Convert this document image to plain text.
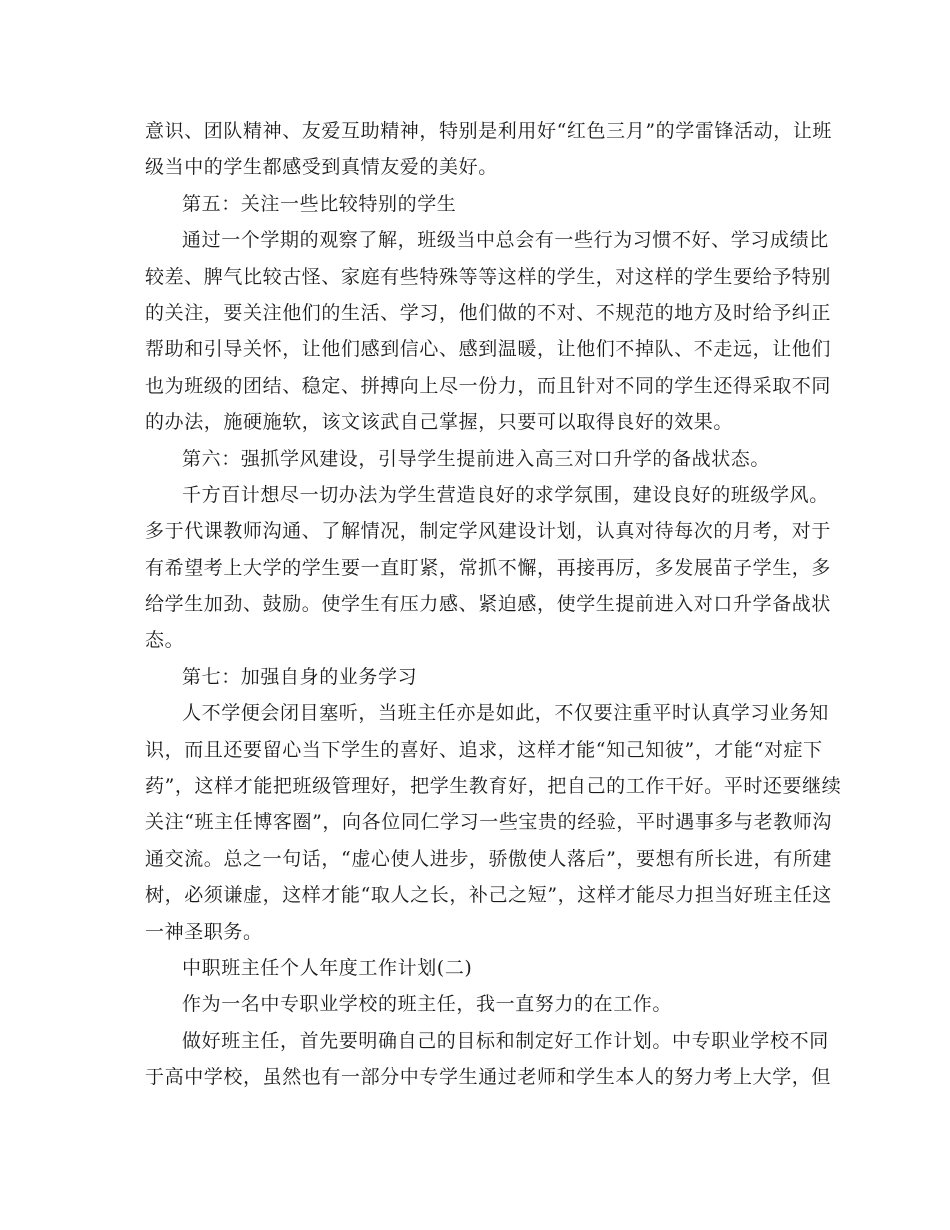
意识、团队精神、友爱互助精神，特别是利用好“红色三月”的学雷锋活动，让班
级当中的学生都感受到真情友爱的美好。
第五：关注一些比较特别的学生
通过一个学期的观察了解，班级当中总会有一些行为习惯不好、学习成绩比
较差、脾气比较古怪、家庭有些特殊等等这样的学生，对这样的学生要给予特别
的关注，要关注他们的生活、学习，他们做的不对、不规范的地方及时给予纠正
帮助和引导关怀，让他们感到信心、感到温暖，让他们不掉队、不走远，让他们
也为班级的团结、稳定、拼搏向上尽一份力，而且针对不同的学生还得采取不同
的办法，施硬施软，该文该武自己掌握，只要可以取得良好的效果。
第六：强抓学风建设，引导学生提前进入高三对口升学的备战状态。
千方百计想尽一切办法为学生营造良好的求学氛围，建设良好的班级学风。
多于代课教师沟通、了解情况，制定学风建设计划，认真对待每次的月考，对于
有希望考上大学的学生要一直盯紧，常抓不懈，再接再厉，多发展苗子学生，多
给学生加劲、鼓励。使学生有压力感、紧迫感，使学生提前进入对口升学备战状
态。
第七：加强自身的业务学习
人不学便会闭目塞听，当班主任亦是如此，不仅要注重平时认真学习业务知
识，而且还要留心当下学生的喜好、追求，这样才能“知己知彼”，才能“对症下
药”，这样才能把班级管理好，把学生教育好，把自己的工作干好。平时还要继续
关注“班主任博客圈”，向各位同仁学习一些宝贵的经验，平时遇事多与老教师沟
通交流。总之一句话，“虚心使人进步，骄傲使人落后”，要想有所长进，有所建
树，必须谦虚，这样才能“取人之长，补己之短”，这样才能尽力担当好班主任这
一神圣职务。
中职班主任个人年度工作计划(二)
作为一名中专职业学校的班主任，我一直努力的在工作。
做好班主任，首先要明确自己的目标和制定好工作计划。中专职业学校不同
于高中学校，虽然也有一部分中专学生通过老师和学生本人的努力考上大学，但
